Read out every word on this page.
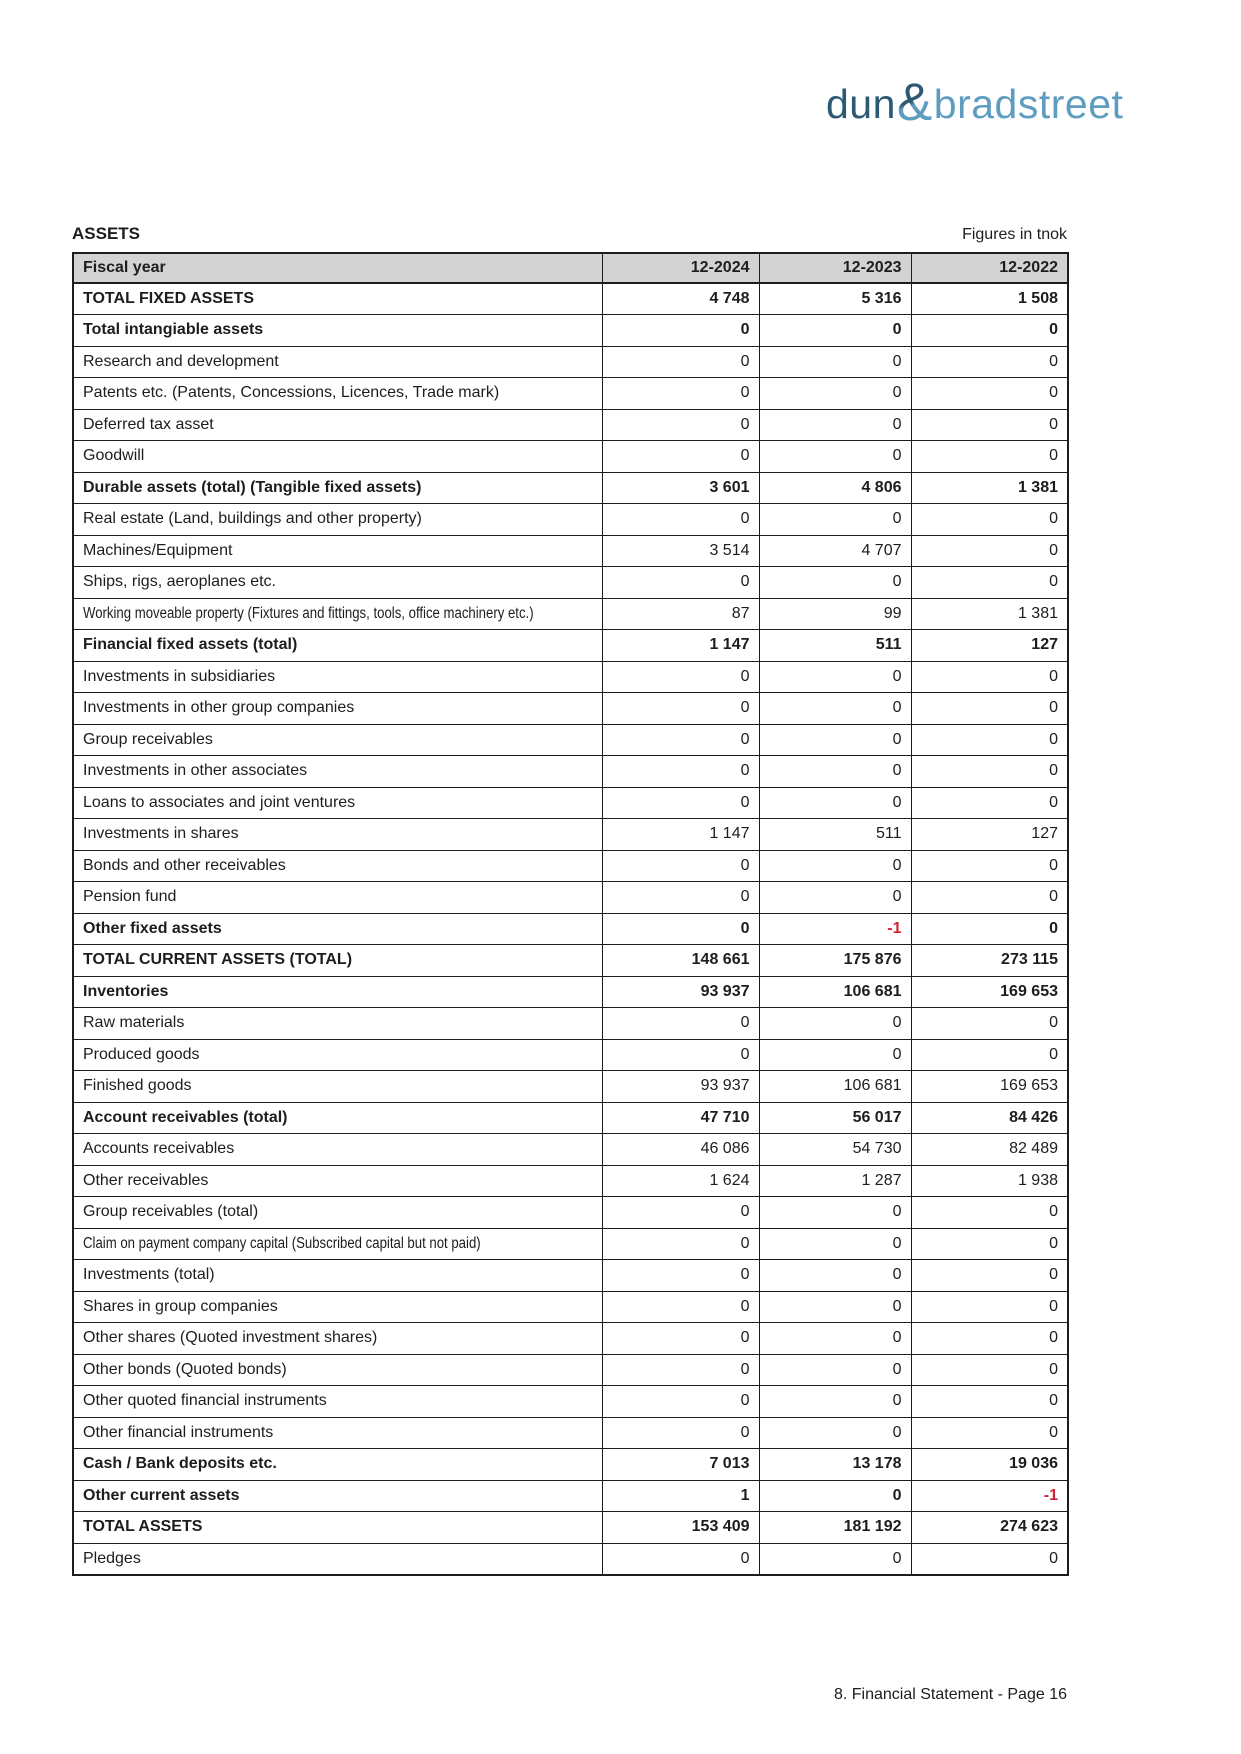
dun & bradstreet
ASSETS	Figures in tnok
Fiscal year	12-2024	12-2023	12-2022
TOTAL FIXED ASSETS	4 748	5 316	1 508
Total intangiable assets	0	0	0
Research and development	0	0	0
Patents etc. (Patents, Concessions, Licences, Trade mark)	0	0	0
Deferred tax asset	0	0	0
Goodwill	0	0	0
Durable assets (total) (Tangible fixed assets)	3 601	4 806	1 381
Real estate (Land, buildings and other property)	0	0	0
Machines/Equipment	3 514	4 707	0
Ships, rigs, aeroplanes etc.	0	0	0
Working moveable property (Fixtures and fittings, tools, office machinery etc.)	87	99	1 381
Financial fixed assets (total)	1 147	511	127
Investments in subsidiaries	0	0	0
Investments in other group companies	0	0	0
Group receivables	0	0	0
Investments in other associates	0	0	0
Loans to associates and joint ventures	0	0	0
Investments in shares	1 147	511	127
Bonds and other receivables	0	0	0
Pension fund	0	0	0
Other fixed assets	0	-1	0
TOTAL CURRENT ASSETS (TOTAL)	148 661	175 876	273 115
Inventories	93 937	106 681	169 653
Raw materials	0	0	0
Produced goods	0	0	0
Finished goods	93 937	106 681	169 653
Account receivables (total)	47 710	56 017	84 426
Accounts receivables	46 086	54 730	82 489
Other receivables	1 624	1 287	1 938
Group receivables (total)	0	0	0
Claim on payment company capital (Subscribed capital but not paid)	0	0	0
Investments (total)	0	0	0
Shares in group companies	0	0	0
Other shares (Quoted investment shares)	0	0	0
Other bonds (Quoted bonds)	0	0	0
Other quoted financial instruments	0	0	0
Other financial instruments	0	0	0
Cash / Bank deposits etc.	7 013	13 178	19 036
Other current assets	1	0	-1
TOTAL ASSETS	153 409	181 192	274 623
Pledges	0	0	0
8. Financial Statement - Page 16
